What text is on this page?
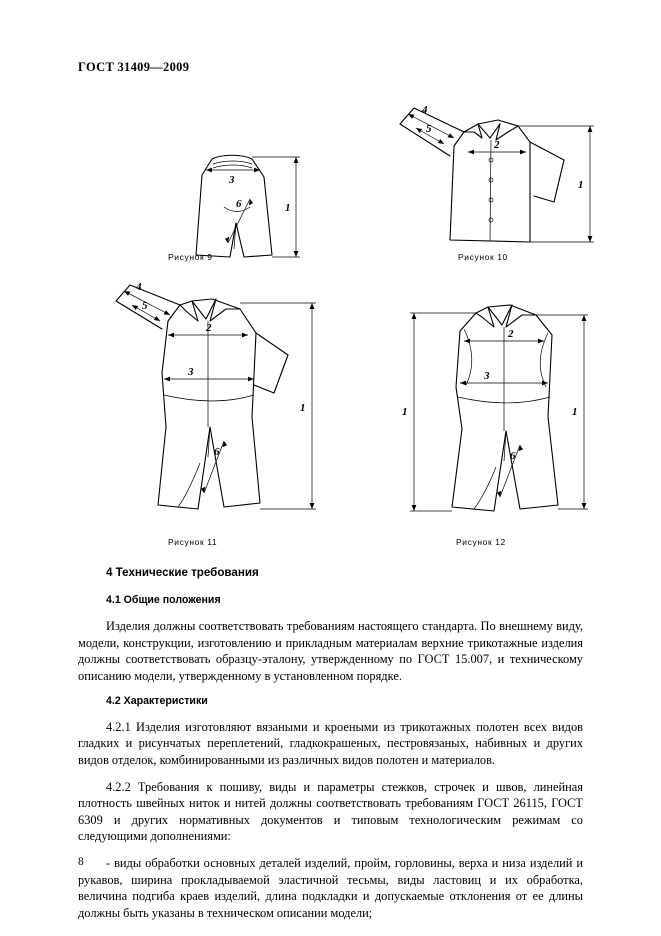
ГОСТ 31409—2009
3
6	1
Рисунок 9
4
5
2
1
Рисунок 10
4
5
2
3
6
1
Рисунок 11
2
3
6
1	1
Рисунок 12
4 Технические требования
4.1 Общие положения

Изделия должны соответствовать требованиям настоящего стандарта. По внешнему виду, модели, конструкции, изготовлению и прикладным материалам верхние трикотажные изделия должны соответствовать образцу-эталону, утвержденному по ГОСТ 15.007, и техническому описанию модели, утвержденному в установленном порядке.

4.2 Характеристики

4.2.1 Изделия изготовляют вязаными и кроеными из трикотажных полотен всех видов гладких и рисунчатых переплетений, гладкокрашеных, пестровязаных, набивных и других видов отделок, комбинированными из различных видов полотен и материалов.

4.2.2 Требования к пошиву, виды и параметры стежков, строчек и швов, линейная плотность швейных ниток и нитей должны соответствовать требованиям ГОСТ 26115, ГОСТ 6309 и других нормативных документов и типовым технологическим режимам со следующими дополнениями:

- виды обработки основных деталей изделий, пройм, горловины, верха и низа изделий и рукавов, ширина прокладываемой эластичной тесьмы, виды ластовиц и их обработка, величина подгиба краев изделий, длина подкладки и допускаемые отклонения от ее длины должны быть указаны в техническом описании модели;

8
